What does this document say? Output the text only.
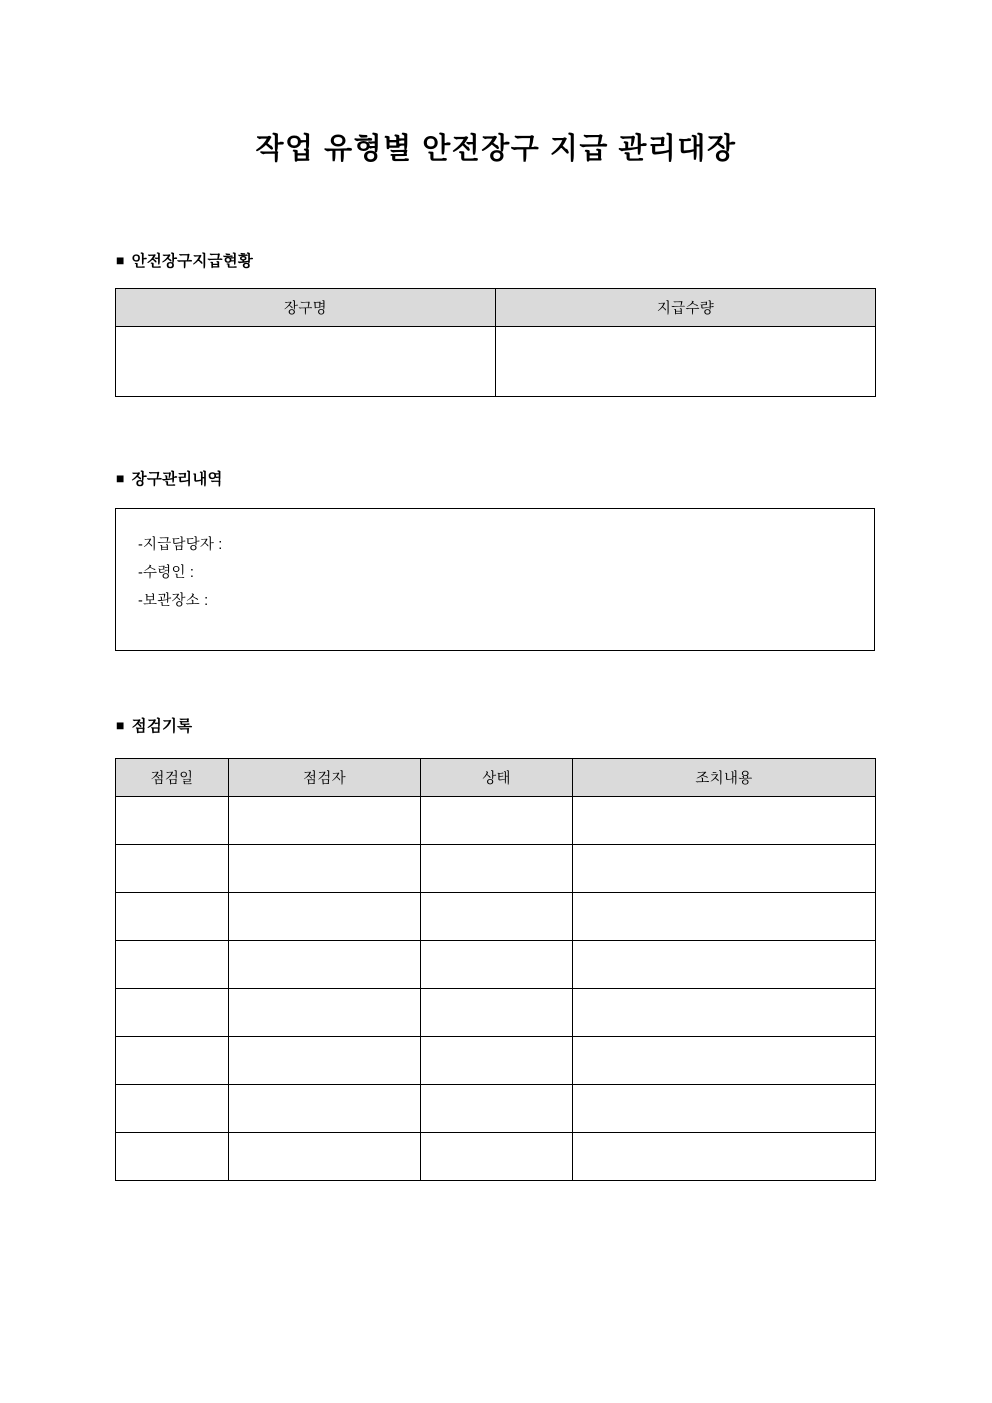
작업 유형별 안전장구 지급 관리대장
■ 안전장구지급현황
장구명	지급수량

■ 장구관리내역
-지급담당자 :
-수령인 :
-보관장소 :
■ 점검기록
점검일	점검자	상태	조치내용
